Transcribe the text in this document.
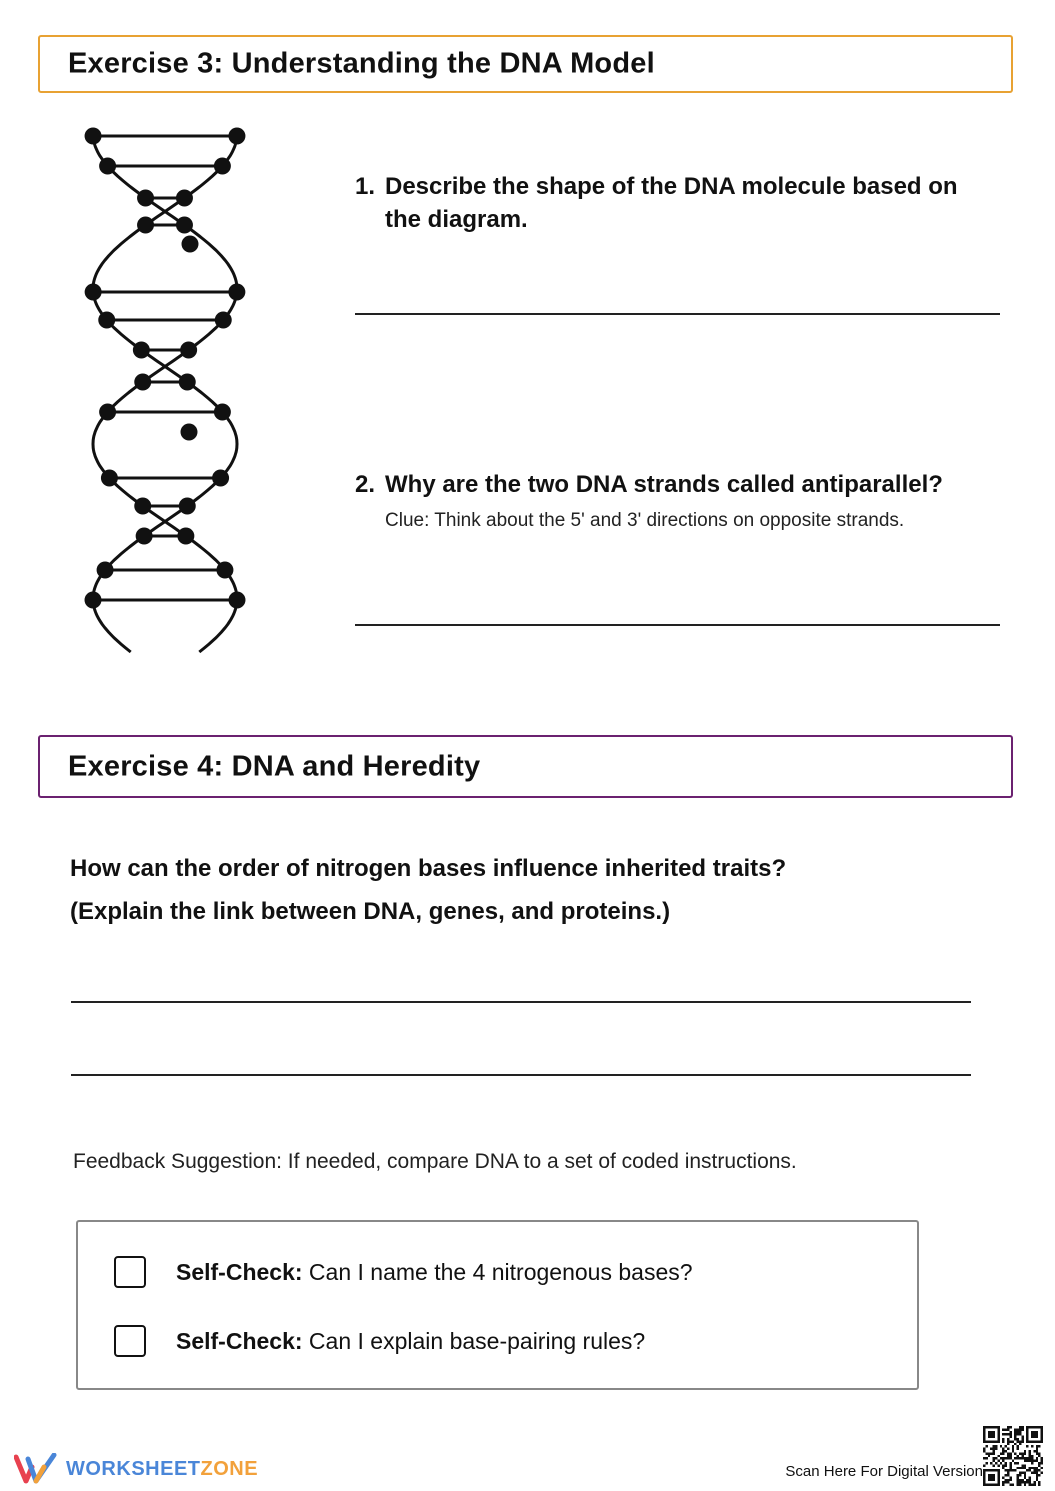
Exercise 3: Understanding the DNA Model
1. Describe the shape of the DNA molecule based on the diagram.
2. Why are the two DNA strands called antiparallel?
Clue: Think about the 5' and 3' directions on opposite strands.
Exercise 4: DNA and Heredity
How can the order of nitrogen bases influence inherited traits?
(Explain the link between DNA, genes, and proteins.)
Feedback Suggestion: If needed, compare DNA to a set of coded instructions.
Self-Check: Can I name the 4 nitrogenous bases?
Self-Check: Can I explain base-pairing rules?
WORKSHEETZONE	Scan Here For Digital Version
